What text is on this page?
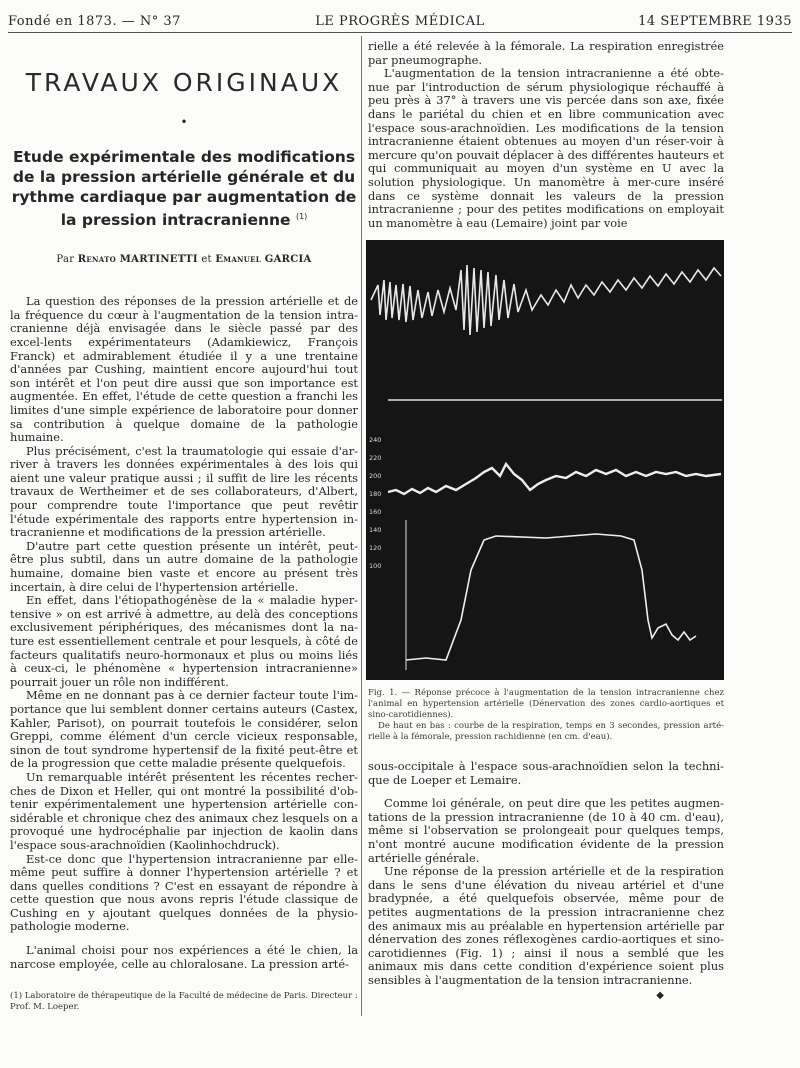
Fondé en 1873. — N° 37	LE PROGRÈS MÉDICAL	14 SEPTEMBRE 1935
TRAVAUX ORIGINAUX
•
Etude expérimentale des modifications de la pression artérielle générale et du rythme cardiaque par augmentation de la pression intracranienne $^{(1)}$
Par Renato MARTINETTI et Emanuel GARCIA

La question des réponses de la pression artérielle et de la fréquence du cœur à l'augmentation de la tension intra-cranienne déjà envisagée dans le siècle passé par des excel-lents expérimentateurs (Adamkiewicz, François Franck) et admirablement étudiée il y a une trentaine d'années par Cushing, maintient encore aujourd'hui tout son intérêt et l'on peut dire aussi que son importance est augmentée. En effet, l'étude de cette question a franchi les limites d'une simple expérience de laboratoire pour donner sa contribution à quelque domaine de la pathologie humaine.

Plus précisément, c'est la traumatologie qui essaie d'ar-river à travers les données expérimentales à des lois qui aient une valeur pratique aussi ; il suffit de lire les récents travaux de Wertheimer et de ses collaborateurs, d'Albert, pour comprendre toute l'importance que peut revêtir l'étude expérimentale des rapports entre hypertension in-tracranienne et modifications de la pression artérielle.

D'autre part cette question présente un intérêt, peut-être plus subtil, dans un autre domaine de la pathologie humaine, domaine bien vaste et encore au présent très incertain, à dire celui de l'hypertension artérielle.

En effet, dans l'étiopathogénèse de la « maladie hyper-tensive » on est arrivé à admettre, au delà des conceptions exclusivement périphériques, des mécanismes dont la na-ture est essentiellement centrale et pour lesquels, à côté de facteurs qualitatifs neuro-hormonaux et plus ou moins liés à ceux-ci, le phénomène « hypertension intracranienne» pourrait jouer un rôle non indifférent.

Même en ne donnant pas à ce dernier facteur toute l'im-portance que lui semblent donner certains auteurs (Castex, Kahler, Parisot), on pourrait toutefois le considérer, selon Greppi, comme élément d'un cercle vicieux responsable, sinon de tout syndrome hypertensif de la fixité peut-être et de la progression que cette maladie présente quelquefois.

Un remarquable intérêt présentent les récentes recher-ches de Dixon et Heller, qui ont montré la possibilité d'ob-tenir expérimentalement une hypertension artérielle con-sidérable et chronique chez des animaux chez lesquels on a provoqué une hydrocéphalie par injection de kaolin dans l'espace sous-arachnoïdien (Kaolinhochdruck).

Est-ce donc que l'hypertension intracranienne par elle-même peut suffire à donner l'hypertension artérielle ? et dans quelles conditions ? C'est en essayant de répondre à cette question que nous avons repris l'étude classique de Cushing en y ajoutant quelques données de la physio-pathologie moderne.

L'animal choisi pour nos expériences a été le chien, la narcose employée, celle au chloralosane. La pression arté-

(1) Laboratoire de thérapeutique de la Faculté de médecine de Paris. Directeur : Prof. M. Loeper.

rielle a été relevée à la fémorale. La respiration enregistrée par pneumographe.

L'augmentation de la tension intracranienne a été obte-nue par l'introduction de sérum physiologique réchauffé à peu près à 37° à travers une vis percée dans son axe, fixée dans le pariétal du chien et en libre communication avec l'espace sous-arachnoïdien. Les modifications de la tension intracranienne étaient obtenues au moyen d'un réser-voir à mercure qu'on pouvait déplacer à des différentes hauteurs et qui communiquait au moyen d'un système en U avec la solution physiologique. Un manomètre à mer-cure inséré dans ce système donnait les valeurs de la pression intracranienne ; pour des petites modifications on employait un manomètre à eau (Lemaire) joint par voie

240
220
200
180
160
140
120
100

Fig. 1. — Réponse précoce à l'augmentation de la tension intracranienne chez l'animal en hypertension artérielle (Dénervation des zones cardio-aortiques et sino-carotidiennes).

De haut en bas : courbe de la respiration, temps en 3 secondes, pression arté-rielle à la fémorale, pression rachidienne (en cm. d'eau).

sous-occipitale à l'espace sous-arachnoïdien selon la techni-que de Loeper et Lemaire.

Comme loi générale, on peut dire que les petites augmen-tations de la pression intracranienne (de 10 à 40 cm. d'eau), même si l'observation se prolongeait pour quelques temps, n'ont montré aucune modification évidente de la pression artérielle générale.

Une réponse de la pression artérielle et de la respiration dans le sens d'une élévation du niveau artériel et d'une bradypnée, a été quelquefois observée, même pour de petites augmentations de la pression intracranienne chez des animaux mis au préalable en hypertension artérielle par dénervation des zones réflexogènes cardio-aortiques et sino-carotidiennes (Fig. 1) ; ainsi il nous a semblé que les animaux mis dans cette condition d'expérience soient plus sensibles à l'augmentation de la tension intracranienne.

◆
